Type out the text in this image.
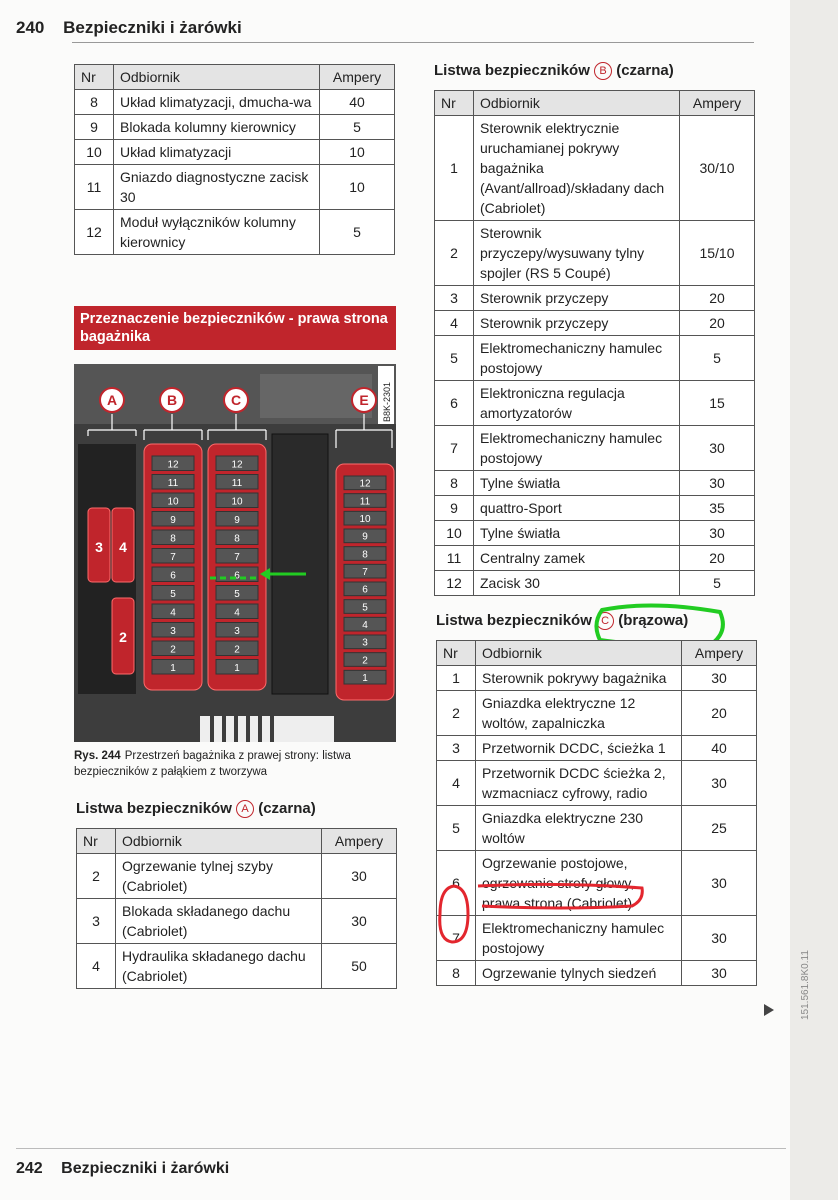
240 Bezpieczniki i żarówki
Nr	Odbiornik	Ampery
8	Układ klimatyzacji, dmucha-wa	40
9	Blokada kolumny kierownicy	5
10	Układ klimatyzacji	10
11	Gniazdo diagnostyczne zacisk 30	10
12	Moduł wyłączników kolumny kierownicy	5
Przeznaczenie bezpieczników - prawa strona bagażnika
3 4
2
12
11
10
9
8
7
6
5
4
3
2
1
12
11
10
9
8
7
6
5
4
3
2
1
12
11
10
9
8
7
6
5
4
3
2
1
A	B	C	E B8K-2301
Rys. 244 Przestrzeń bagażnika z prawej strony: listwa bezpieczników z pałąkiem z tworzywa
Listwa bezpieczników A (czarna)
Nr	Odbiornik	Ampery
2	Ogrzewanie tylnej szyby (Cabriolet)	30
3	Blokada składanego dachu (Cabriolet)	30
4	Hydraulika składanego dachu (Cabriolet)	50
Listwa bezpieczników B (czarna)
Nr	Odbiornik	Ampery
1	Sterownik elektrycznie uruchamianej pokrywy bagażnika (Avant/allroad)/składany dach (Cabriolet)	30/10
2	Sterownik przyczepy/wysuwany tylny spojler (RS 5 Coupé)	15/10
3	Sterownik przyczepy	20
4	Sterownik przyczepy	20
5	Elektromechaniczny hamulec postojowy	5
6	Elektroniczna regulacja amortyzatorów	15
7	Elektromechaniczny hamulec postojowy	30
8	Tylne światła	30
9	quattro-Sport	35
10	Tylne światła	30
11	Centralny zamek	20
12	Zacisk 30	5
Listwa bezpieczników C (brązowa)
Nr	Odbiornik	Ampery
1	Sterownik pokrywy bagażnika	30
2	Gniazdka elektryczne 12 woltów, zapalniczka	20
3	Przetwornik DCDC, ścieżka 1	40
4	Przetwornik DCDC ścieżka 2, wzmacniacz cyfrowy, radio	30
5	Gniazdka elektryczne 230 woltów	25
6	Ogrzewanie postojowe, ogrzewanie strefy głowy, prawa strona (Cabriolet)	30
7	Elektromechaniczny hamulec postojowy	30
8	Ogrzewanie tylnych siedzeń	30	151.561.8K0.11
242 Bezpieczniki i żarówki
